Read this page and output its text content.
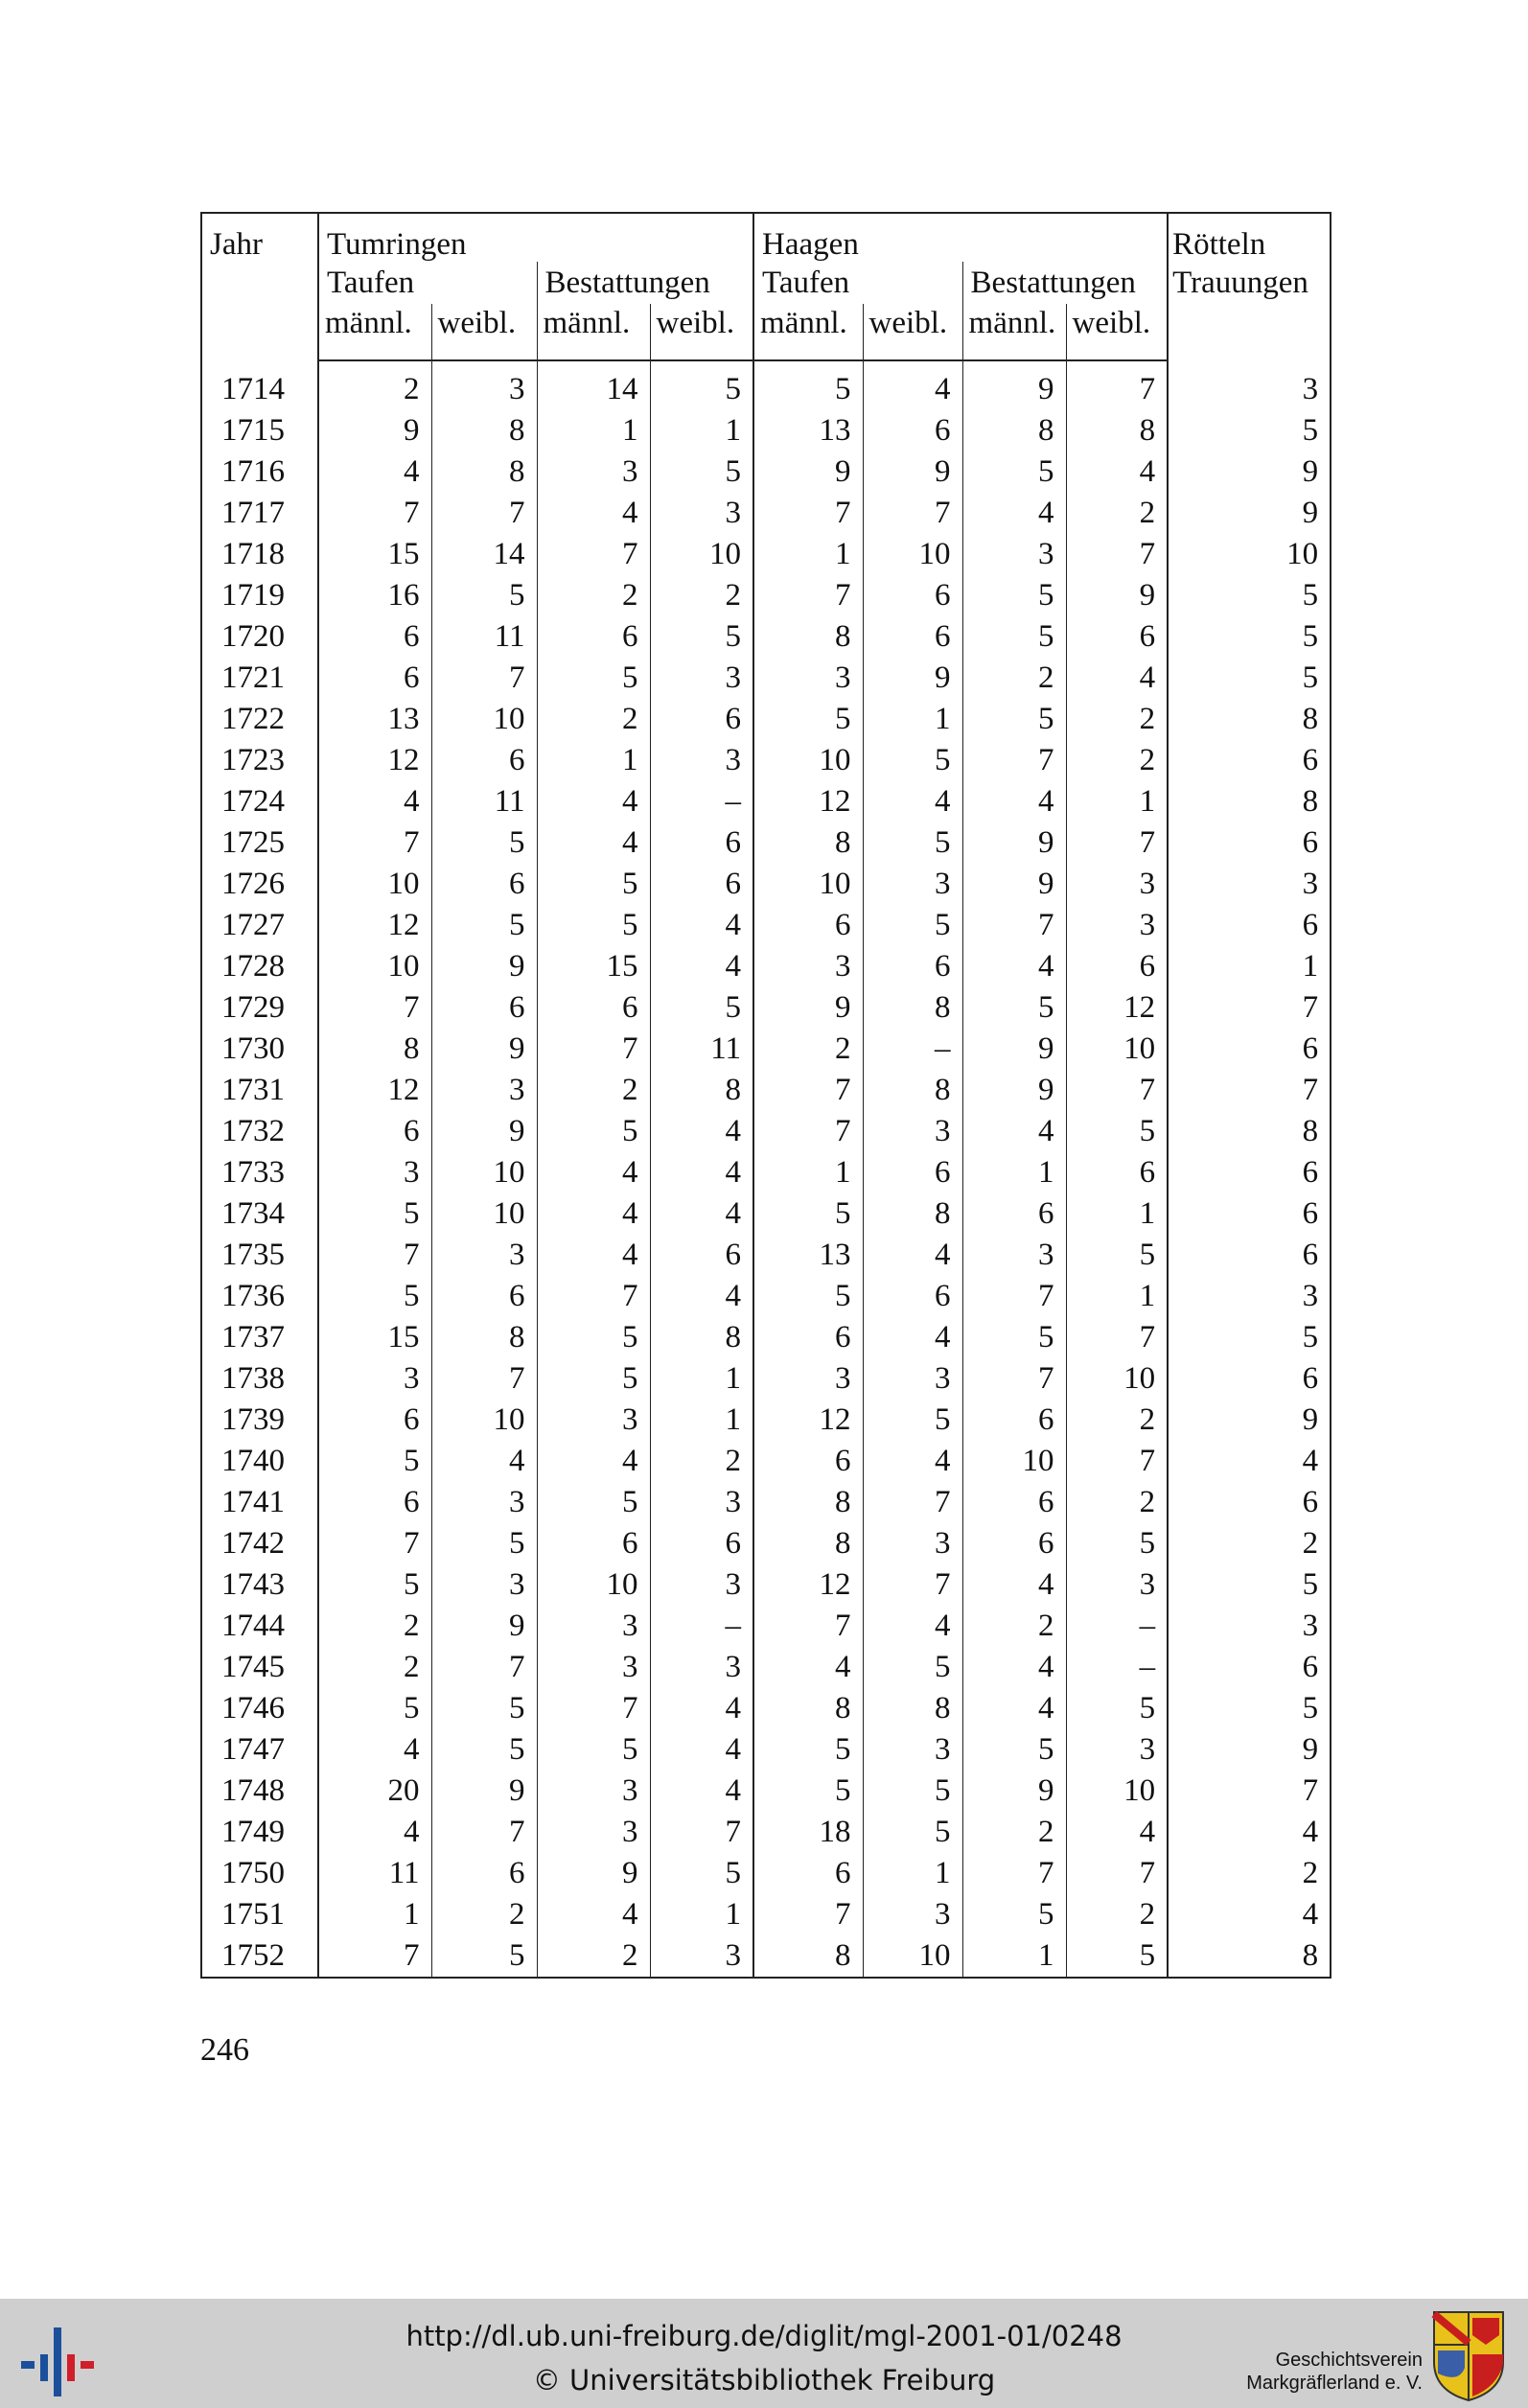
Jahr	Tumringen				Haagen				Rötteln

	Taufen		Bestattungen		Taufen		Bestattungen		Trauungen

	männl.	weibl.	männl.	weibl.	männl.	weibl.	männl.	weibl.	

1714	2	3	14	5	5	4	9	7	3
1715	9	8	1	1	13	6	8	8	5
1716	4	8	3	5	9	9	5	4	9
1717	7	7	4	3	7	7	4	2	9
1718	15	14	7	10	1	10	3	7	10
1719	16	5	2	2	7	6	5	9	5
1720	6	11	6	5	8	6	5	6	5
1721	6	7	5	3	3	9	2	4	5
1722	13	10	2	6	5	1	5	2	8
1723	12	6	1	3	10	5	7	2	6
1724	4	11	4	–	12	4	4	1	8
1725	7	5	4	6	8	5	9	7	6
1726	10	6	5	6	10	3	9	3	3
1727	12	5	5	4	6	5	7	3	6
1728	10	9	15	4	3	6	4	6	1
1729	7	6	6	5	9	8	5	12	7
1730	8	9	7	11	2	–	9	10	6
1731	12	3	2	8	7	8	9	7	7
1732	6	9	5	4	7	3	4	5	8
1733	3	10	4	4	1	6	1	6	6
1734	5	10	4	4	5	8	6	1	6
1735	7	3	4	6	13	4	3	5	6
1736	5	6	7	4	5	6	7	1	3
1737	15	8	5	8	6	4	5	7	5
1738	3	7	5	1	3	3	7	10	6
1739	6	10	3	1	12	5	6	2	9
1740	5	4	4	2	6	4	10	7	4
1741	6	3	5	3	8	7	6	2	6
1742	7	5	6	6	8	3	6	5	2
1743	5	3	10	3	12	7	4	3	5
1744	2	9	3	–	7	4	2	–	3
1745	2	7	3	3	4	5	4	–	6
1746	5	5	7	4	8	8	4	5	5
1747	4	5	5	4	5	3	5	3	9
1748	20	9	3	4	5	5	9	10	7
1749	4	7	3	7	18	5	2	4	4
1750	11	6	9	5	6	1	7	7	2
1751	1	2	4	1	7	3	5	2	4
1752	7	5	2	3	8	10	1	5	8
246
http://dl.ub.uni-freiburg.de/diglit/mgl-2001-01/0248
© Universitätsbibliothek Freiburg
Geschichtsverein
Markgräflerland e. V.
